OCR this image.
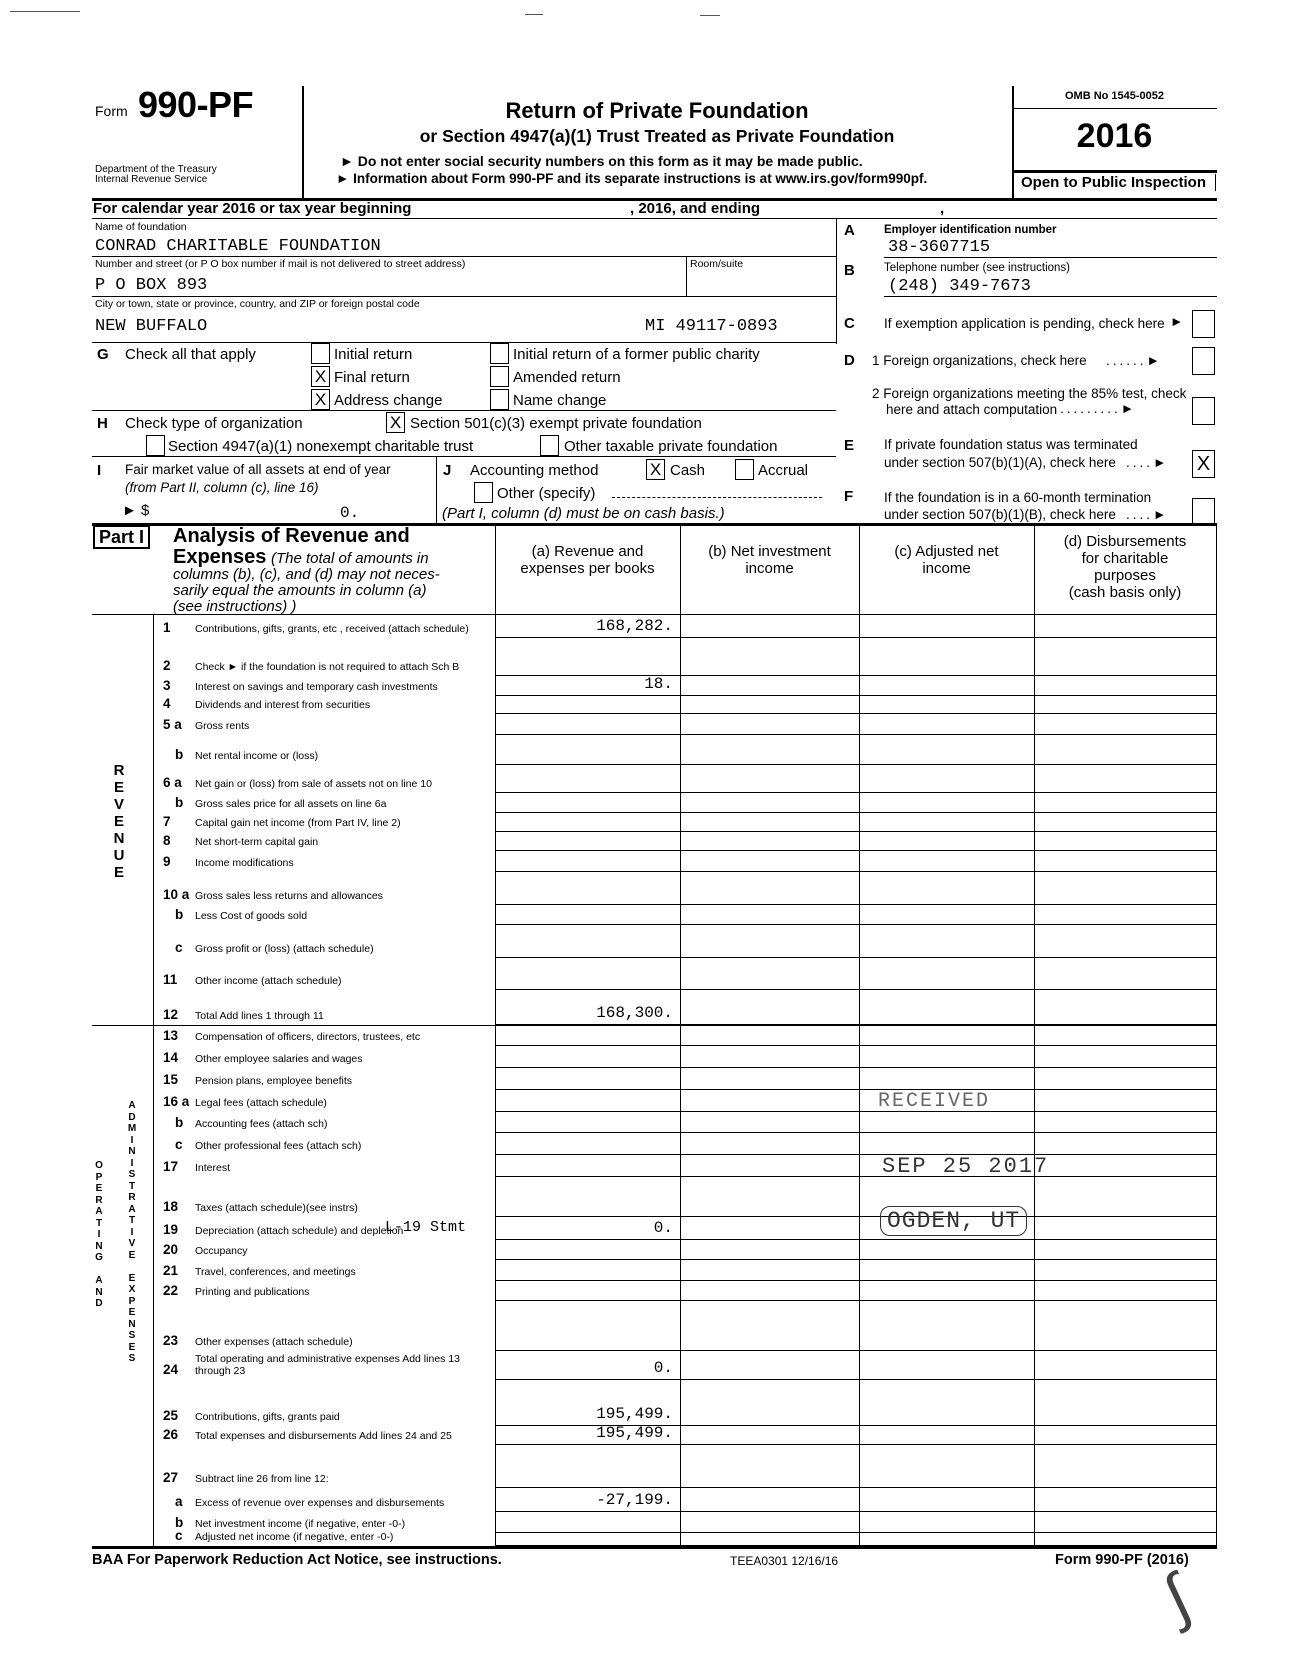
Form 990-PF
Department of the Treasury
Internal Revenue Service
Return of Private Foundation
or Section 4947(a)(1) Trust Treated as Private Foundation
► Do not enter social security numbers on this form as it may be made public.
► Information about Form 990-PF and its separate instructions is at www.irs.gov/form990pf.
OMB No 1545-0052
2016
Open to Public Inspection
For calendar year 2016 or tax year beginning	, 2016, and ending	,
Name of foundation
CONRAD CHARITABLE FOUNDATION
Number and street (or P O box number if mail is not delivered to street address)	Room/suite
P O BOX 893
City or town, state or province, country, and ZIP or foreign postal code
NEW BUFFALO	MI 49117-0893
A	Employer identification number
38-3607715
B	Telephone number (see instructions)
(248) 349-7673
C If exemption application is pending, check here ►
D 1 Foreign organizations, check here ......►
2 Foreign organizations meeting the 85% test, check
here and attach computation .........►
E If private foundation status was terminated
under section 507(b)(1)(A), check here ....► X
F If the foundation is in a 60-month termination
under section 507(b)(1)(B), check here ....►
G Check all that apply	Initial return	Initial return of a former public charity
X Final return	Amended return
X Address change	Name change
H Check type of organization	X Section 501(c)(3) exempt private foundation
Section 4947(a)(1) nonexempt charitable trust	Other taxable private foundation
I Fair market value of all assets at end of year
(from Part II, column (c), line 16)
► $	0.
J Accounting method	X Cash	Accrual
Other (specify)
(Part I, column (d) must be on cash basis.)
Part I	Analysis of Revenue and
Expenses (The total of amounts in
columns (b), (c), and (d) may not neces-
sarily equal the amounts in column (a)
(see instructions) )
(a) Revenue and
expenses per books
(b) Net investment
income
(c) Adjusted net
income
(d) Disbursements
for charitable
purposes
(cash basis only)
R
E
V
E
N
U
E
O
P
E
R
A
T
I
N
G

A
N
D
A
D
M
I
N
I
S
T
R
A
T
I
V
E

E
X
P
E
N
S
E
S
1 Contributions, gifts, grants, etc , received (attach schedule)	168,282.
2 Check ► if the foundation is not required to attach Sch B
3 Interest on savings and temporary cash investments	18.
4 Dividends and interest from securities
5 a Gross rents
b Net rental income or (loss)
6 a Net gain or (loss) from sale of assets not on line 10
b Gross sales price for all assets on line 6a
7 Capital gain net income (from Part IV, line 2)
8 Net short-term capital gain
9 Income modifications
10 a Gross sales less returns and allowances
b Less Cost of goods sold
c Gross profit or (loss) (attach schedule)
11 Other income (attach schedule)
12 Total Add lines 1 through 11	168,300.
13 Compensation of officers, directors, trustees, etc
14 Other employee salaries and wages
15 Pension plans, employee benefits
16 a Legal fees (attach schedule)
b Accounting fees (attach sch)
c Other professional fees (attach sch)
17 Interest
18 Taxes (attach schedule)(see instrs)
19 Depreciation (attach schedule) and depletion
L-19 Stmt	0.
20 Occupancy
21 Travel, conferences, and meetings
22 Printing and publications
23 Other expenses (attach schedule)
24
Total operating and administrative expenses Add lines 13 through 23	0.
25 Contributions, gifts, grants paid	195,499.
26 Total expenses and disbursements Add lines 24 and 25	195,499.
27 Subtract line 26 from line 12:
a Excess of revenue over expenses and disbursements	-27,199.
b Net investment income (if negative, enter -0-)
c Adjusted net income (if negative, enter -0-)
RECEIVED
SEP 25 2017
OGDEN, UT
BAA For Paperwork Reduction Act Notice, see instructions.	TEEA0301 12/16/16	Form 990-PF (2016)
∫
